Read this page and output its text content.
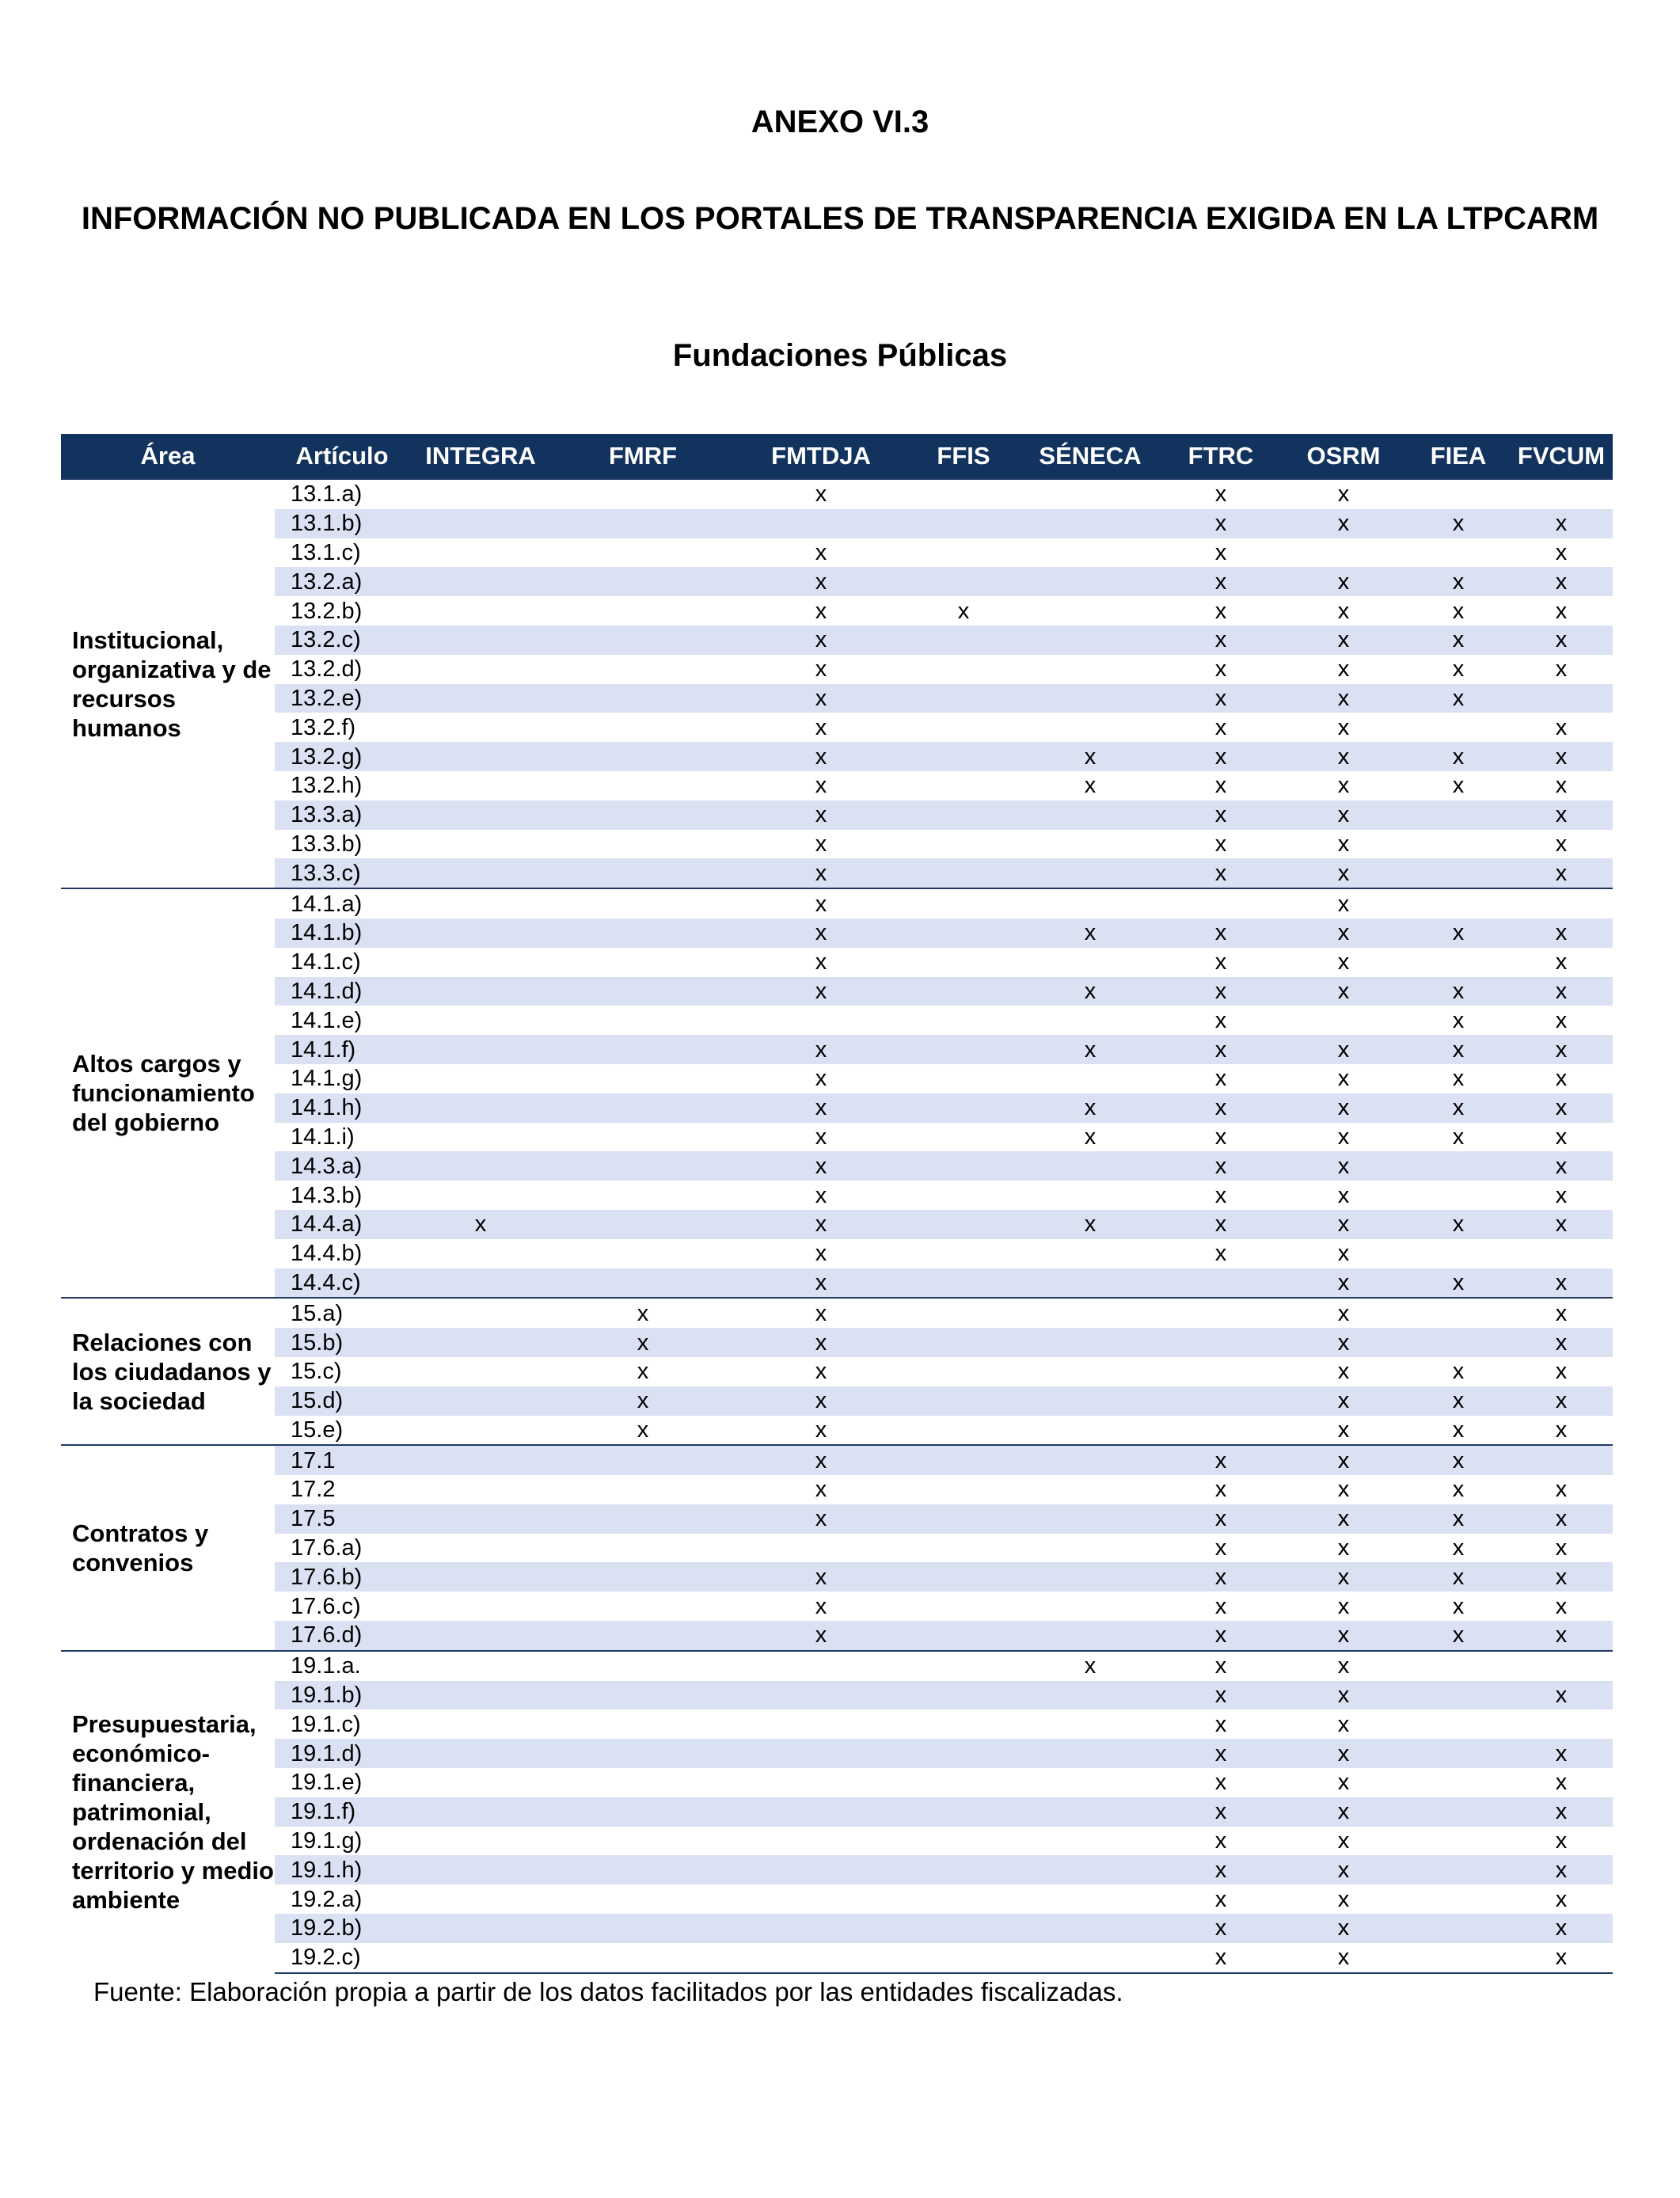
ANEXO VI.3
INFORMACIÓN NO PUBLICADA EN LOS PORTALES DE TRANSPARENCIA EXIGIDA EN LA LTPCARM
Fundaciones Públicas
Área	Artículo	INTEGRA	FMRF	FMTDJA	FFIS	SÉNECA	FTRC	OSRM	FIEA	FVCUM
Institucional, organizativa y de recursos humanos	13.1.a)			x			x	x		
	13.1.b)						x	x	x	x
	13.1.c)			x			x			x
	13.2.a)			x			x	x	x	x
	13.2.b)			x	x		x	x	x	x
	13.2.c)			x			x	x	x	x
	13.2.d)			x			x	x	x	x
	13.2.e)			x			x	x	x	
	13.2.f)			x			x	x		x
	13.2.g)			x		x	x	x	x	x
	13.2.h)			x		x	x	x	x	x
	13.3.a)			x			x	x		x
	13.3.b)			x			x	x		x
	13.3.c)			x			x	x		x
Altos cargos y funcionamiento del gobierno	14.1.a)			x				x		
	14.1.b)			x		x	x	x	x	x
	14.1.c)			x			x	x		x
	14.1.d)			x		x	x	x	x	x
	14.1.e)						x		x	x
	14.1.f)			x		x	x	x	x	x
	14.1.g)			x			x	x	x	x
	14.1.h)			x		x	x	x	x	x
	14.1.i)			x		x	x	x	x	x
	14.3.a)			x			x	x		x
	14.3.b)			x			x	x		x
	14.4.a)	x		x		x	x	x	x	x
	14.4.b)			x			x	x		
	14.4.c)			x				x	x	x
Relaciones con los ciudadanos y la sociedad	15.a)		x	x				x		x
	15.b)		x	x				x		x
	15.c)		x	x				x	x	x
	15.d)		x	x				x	x	x
	15.e)		x	x				x	x	x
Contratos y convenios	17.1			x			x	x	x	
	17.2			x			x	x	x	x
	17.5			x			x	x	x	x
	17.6.a)						x	x	x	x
	17.6.b)			x			x	x	x	x
	17.6.c)			x			x	x	x	x
	17.6.d)			x			x	x	x	x
Presupuestaria, económico-financiera, patrimonial, ordenación del territorio y medio ambiente	19.1.a.					x	x	x		
	19.1.b)						x	x		x
	19.1.c)						x	x		
	19.1.d)						x	x		x
	19.1.e)						x	x		x
	19.1.f)						x	x		x
	19.1.g)						x	x		x
	19.1.h)						x	x		x
	19.2.a)						x	x		x
	19.2.b)						x	x		x
	19.2.c)						x	x		x
Fuente: Elaboración propia a partir de los datos facilitados por las entidades fiscalizadas.
